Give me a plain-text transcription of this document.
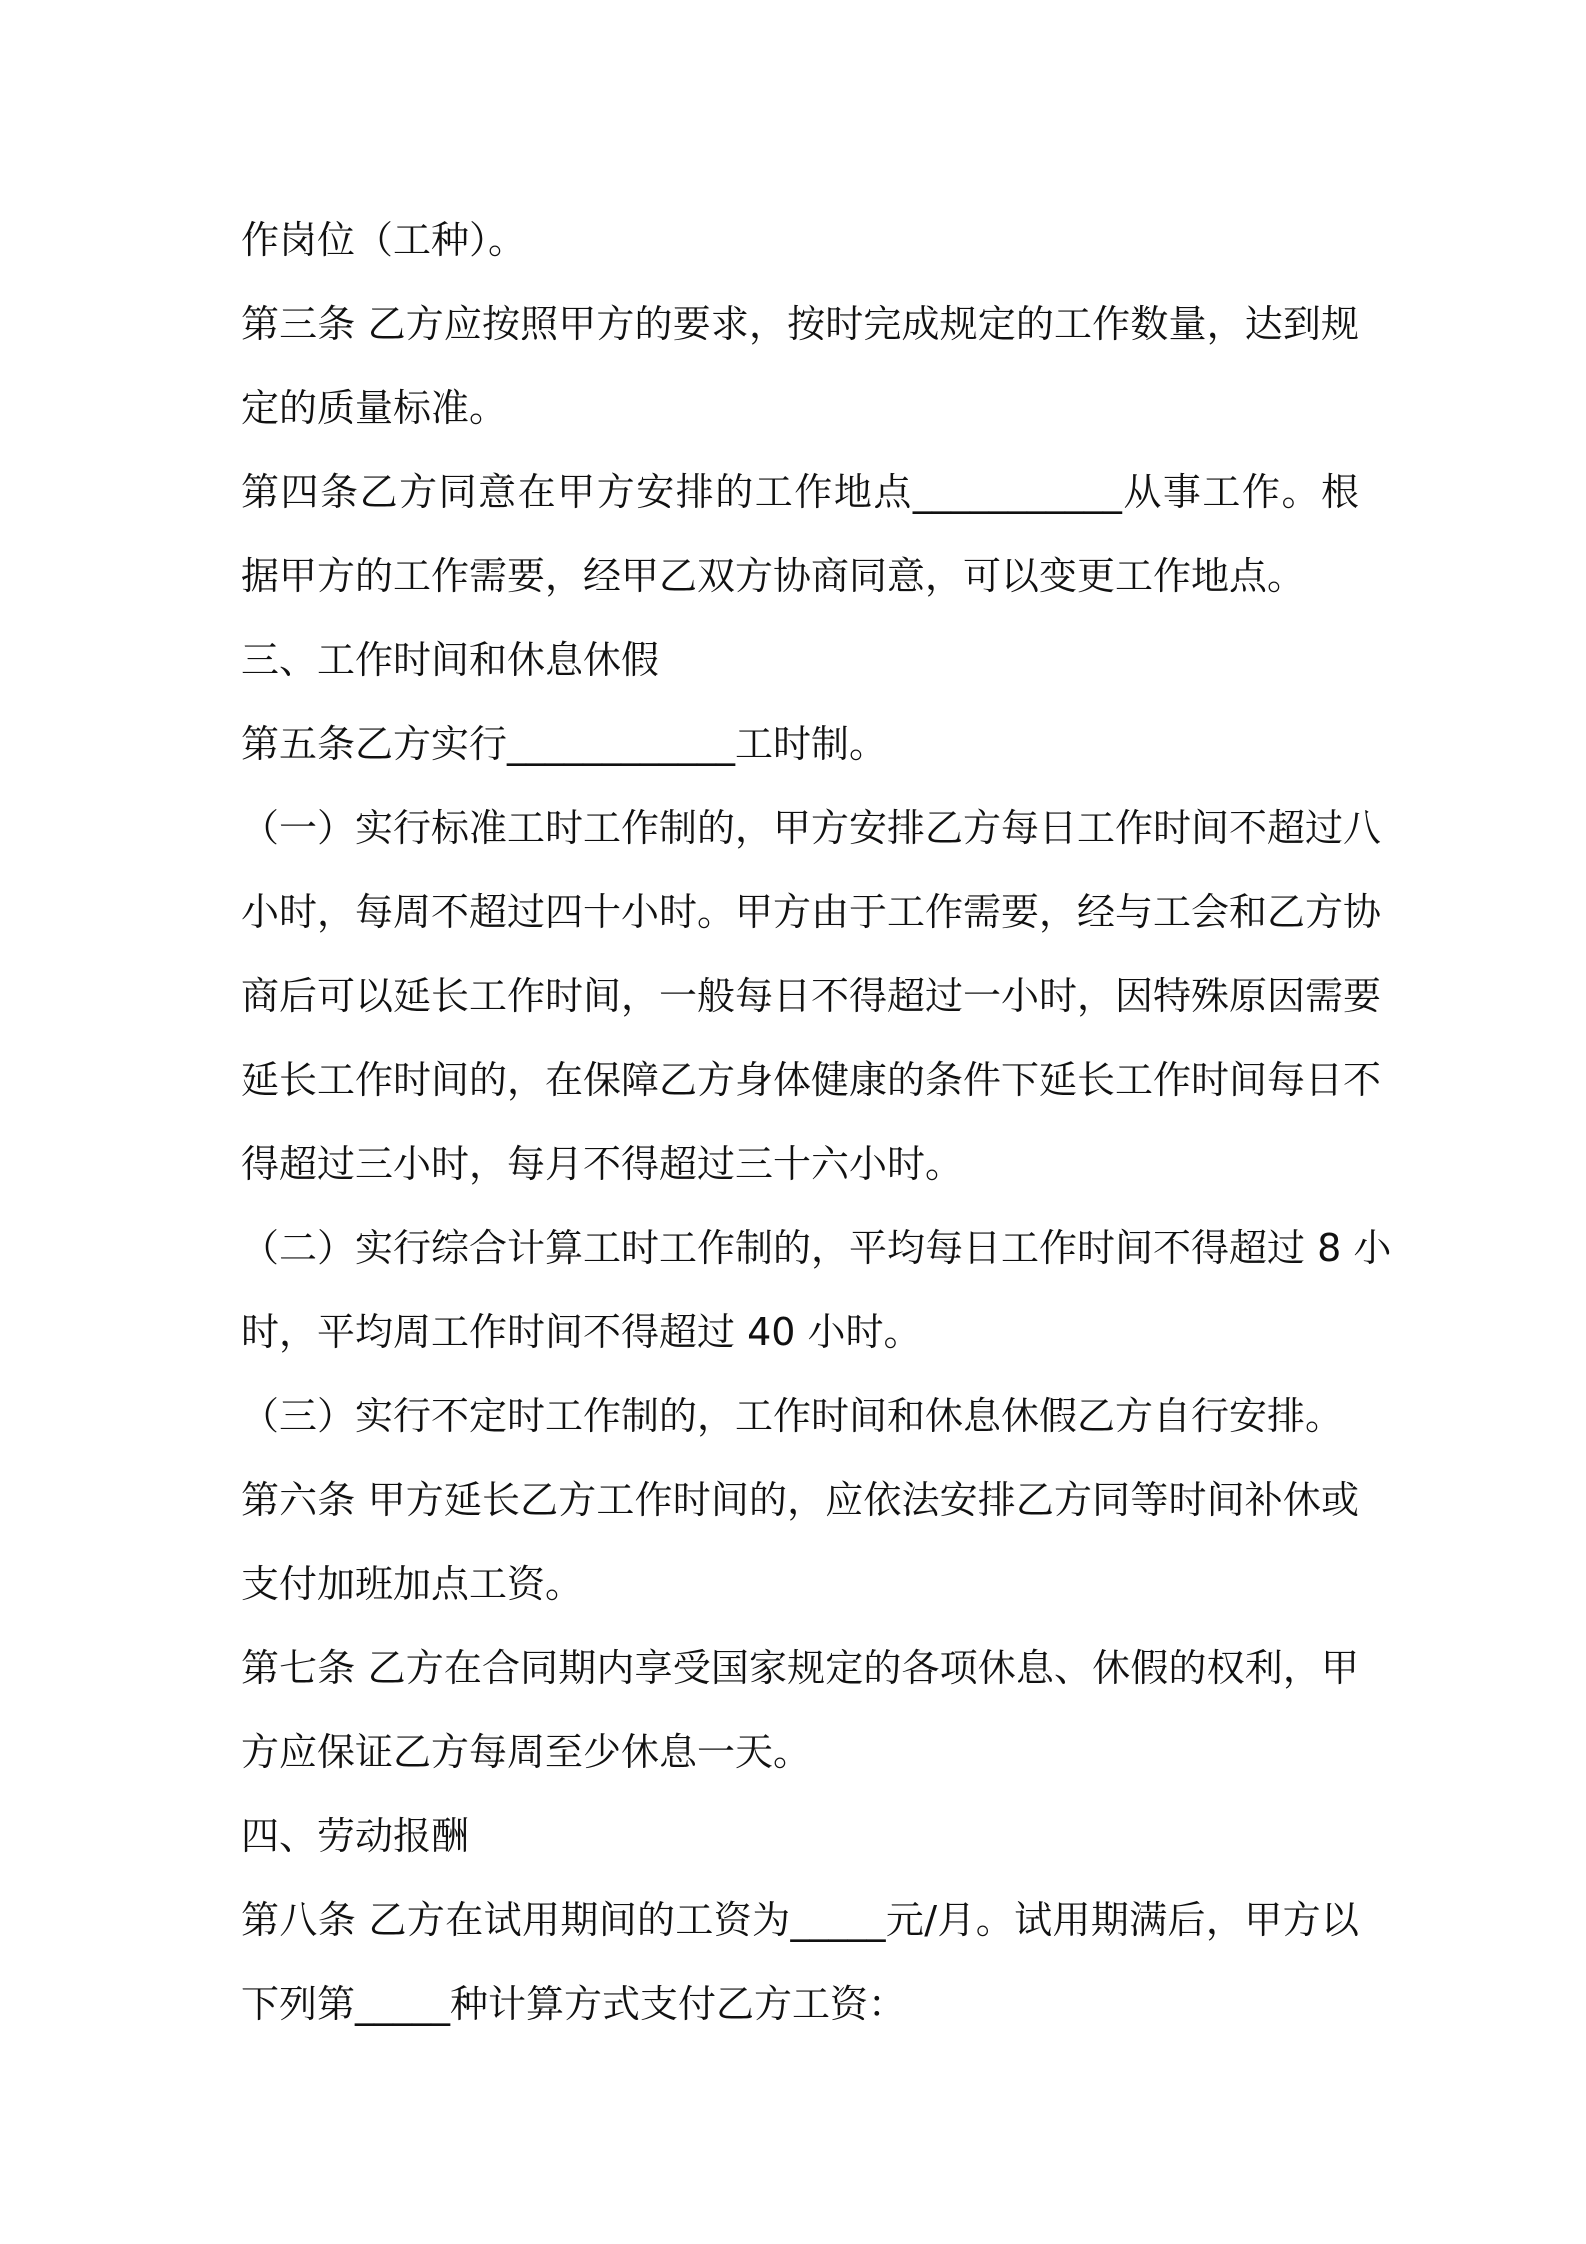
作岗位（工种）。
第三条 乙方应按照甲方的要求，按时完成规定的工作数量，达到规
定的质量标准。
第四条乙方同意在甲方安排的工作地点___________从事工作。根
据甲方的工作需要，经甲乙双方协商同意，可以变更工作地点。
三、工作时间和休息休假
第五条乙方实行____________工时制。
（一）实行标准工时工作制的，甲方安排乙方每日工作时间不超过八
小时，每周不超过四十小时。甲方由于工作需要，经与工会和乙方协
商后可以延长工作时间，一般每日不得超过一小时，因特殊原因需要
延长工作时间的，在保障乙方身体健康的条件下延长工作时间每日不
得超过三小时，每月不得超过三十六小时。
（二）实行综合计算工时工作制的，平均每日工作时间不得超过 8 小
时，平均周工作时间不得超过 40 小时。
（三）实行不定时工作制的，工作时间和休息休假乙方自行安排。
第六条 甲方延长乙方工作时间的，应依法安排乙方同等时间补休或
支付加班加点工资。
第七条 乙方在合同期内享受国家规定的各项休息、休假的权利，甲
方应保证乙方每周至少休息一天。
四、劳动报酬
第八条 乙方在试用期间的工资为_____元/月。试用期满后，甲方以
下列第_____种计算方式支付乙方工资：
